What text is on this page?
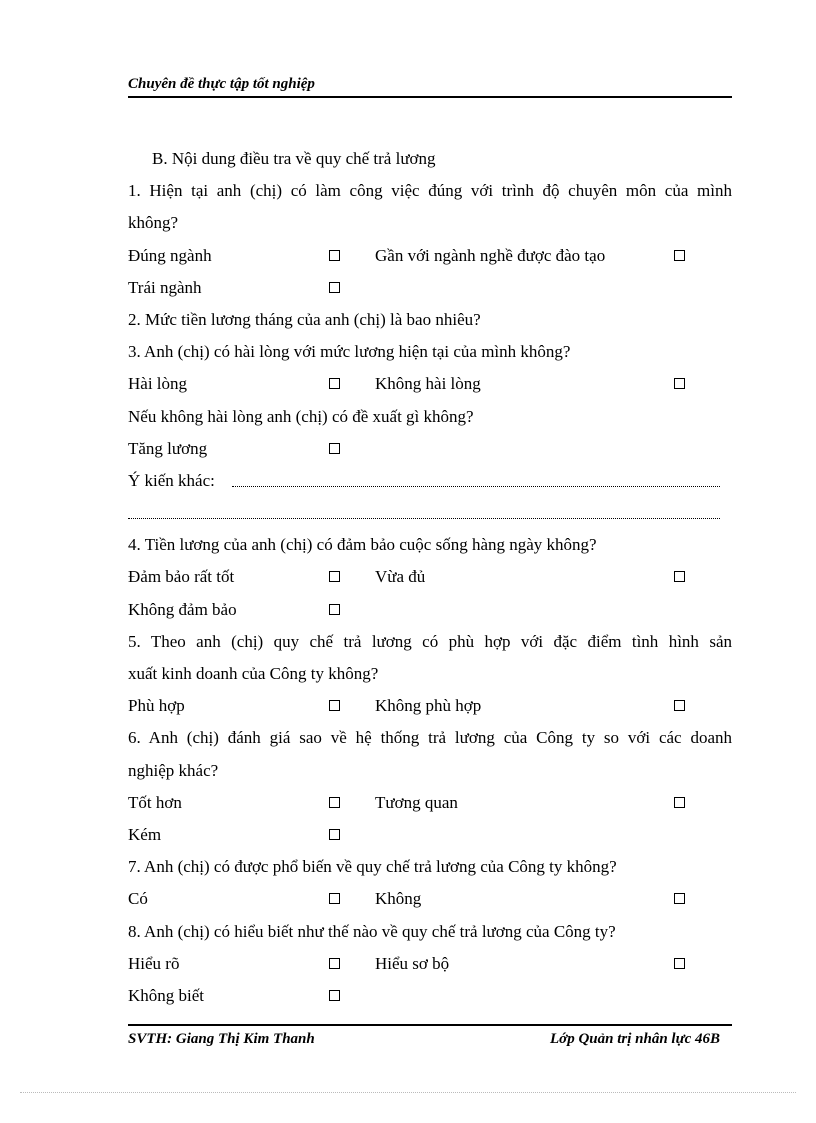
Chuyên đề thực tập tốt nghiệp
B. Nội dung điều tra về quy chế trả lương
1. Hiện tại anh (chị) có làm công việc đúng với trình độ chuyên môn của mình
không?
Đúng ngành	Gần với ngành nghề được đào tạo
Trái ngành
2. Mức tiền lương tháng của anh (chị) là bao nhiêu?
3. Anh (chị) có hài lòng với mức lương hiện tại của mình không?
Hài lòng	Không hài lòng
Nếu không hài lòng anh (chị) có đề xuất gì không?
Tăng lương
Ý kiến khác:
4. Tiền lương của anh (chị) có đảm bảo cuộc sống hàng ngày không?
Đảm bảo rất tốt	Vừa đủ
Không đảm bảo
5. Theo anh (chị) quy chế trả lương có phù hợp với đặc điểm tình hình sản
xuất kinh doanh của Công ty không?
Phù hợp	Không phù hợp
6. Anh (chị) đánh giá sao về hệ thống trả lương của Công ty so với các doanh
nghiệp khác?
Tốt hơn	Tương quan
Kém
7. Anh (chị) có được phổ biến về quy chế trả lương của Công ty không?
Có	Không
8. Anh (chị) có hiểu biết như thế nào về quy chế trả lương của Công ty?
Hiểu rõ	Hiểu sơ bộ
Không biết
SVTH: Giang Thị Kim Thanh	Lớp Quản trị nhân lực 46B
